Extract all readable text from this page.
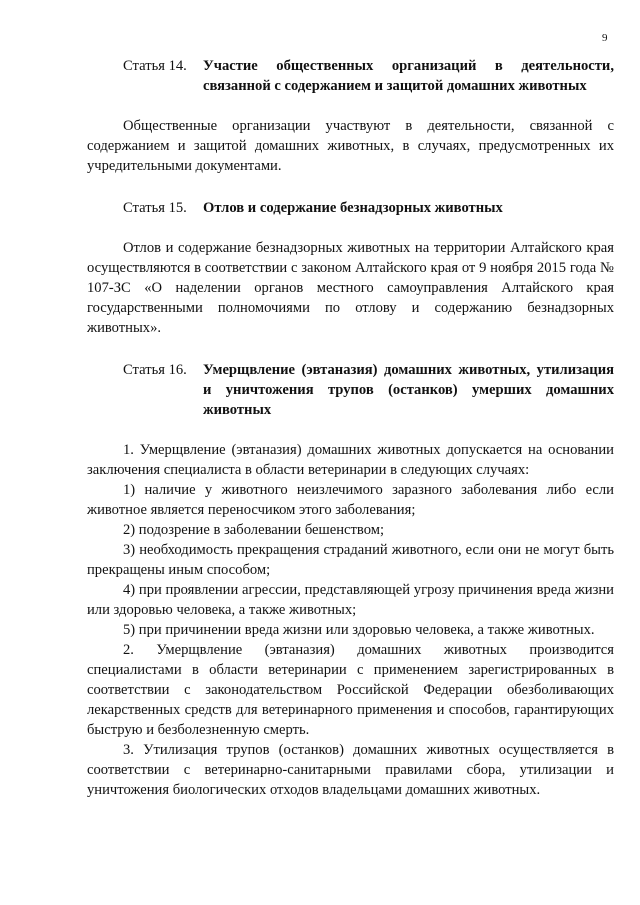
9
Статья 14.	Участие общественных организаций в деятельности, связанной с содержанием и защитой домашних животных

Общественные организации участвуют в деятельности, связанной с содержанием и защитой домашних животных, в случаях, предусмотренных их учредительными документами.

Статья 15.	Отлов и содержание безнадзорных животных

Отлов и содержание безнадзорных животных на территории Алтайского края осуществляются в соответствии с законом Алтайского края от 9 ноября 2015 года № 107-ЗС «О наделении органов местного самоуправления Алтайского края государственными полномочиями по отлову и содержанию безнадзорных животных».

Статья 16.	Умерщвление (эвтаназия) домашних животных, утилизация и уничтожения трупов (останков) умерших домашних животных

1. Умерщвление (эвтаназия) домашних животных допускается на основании заключения специалиста в области ветеринарии в следующих случаях:

1) наличие у животного неизлечимого заразного заболевания либо если животное является переносчиком этого заболевания;

2) подозрение в заболевании бешенством;

3) необходимость прекращения страданий животного, если они не могут быть прекращены иным способом;

4) при проявлении агрессии, представляющей угрозу причинения вреда жизни или здоровью человека, а также животных;

5) при причинении вреда жизни или здоровью человека, а также животных.

2. Умерщвление (эвтаназия) домашних животных производится специалистами в области ветеринарии с применением зарегистрированных в соответствии с законодательством Российской Федерации обезболивающих лекарственных средств для ветеринарного применения и способов, гарантирующих быструю и безболезненную смерть.

3. Утилизация трупов (останков) домашних животных осуществляется в соответствии с ветеринарно-санитарными правилами сбора, утилизации и уничтожения биологических отходов владельцами домашних животных.
